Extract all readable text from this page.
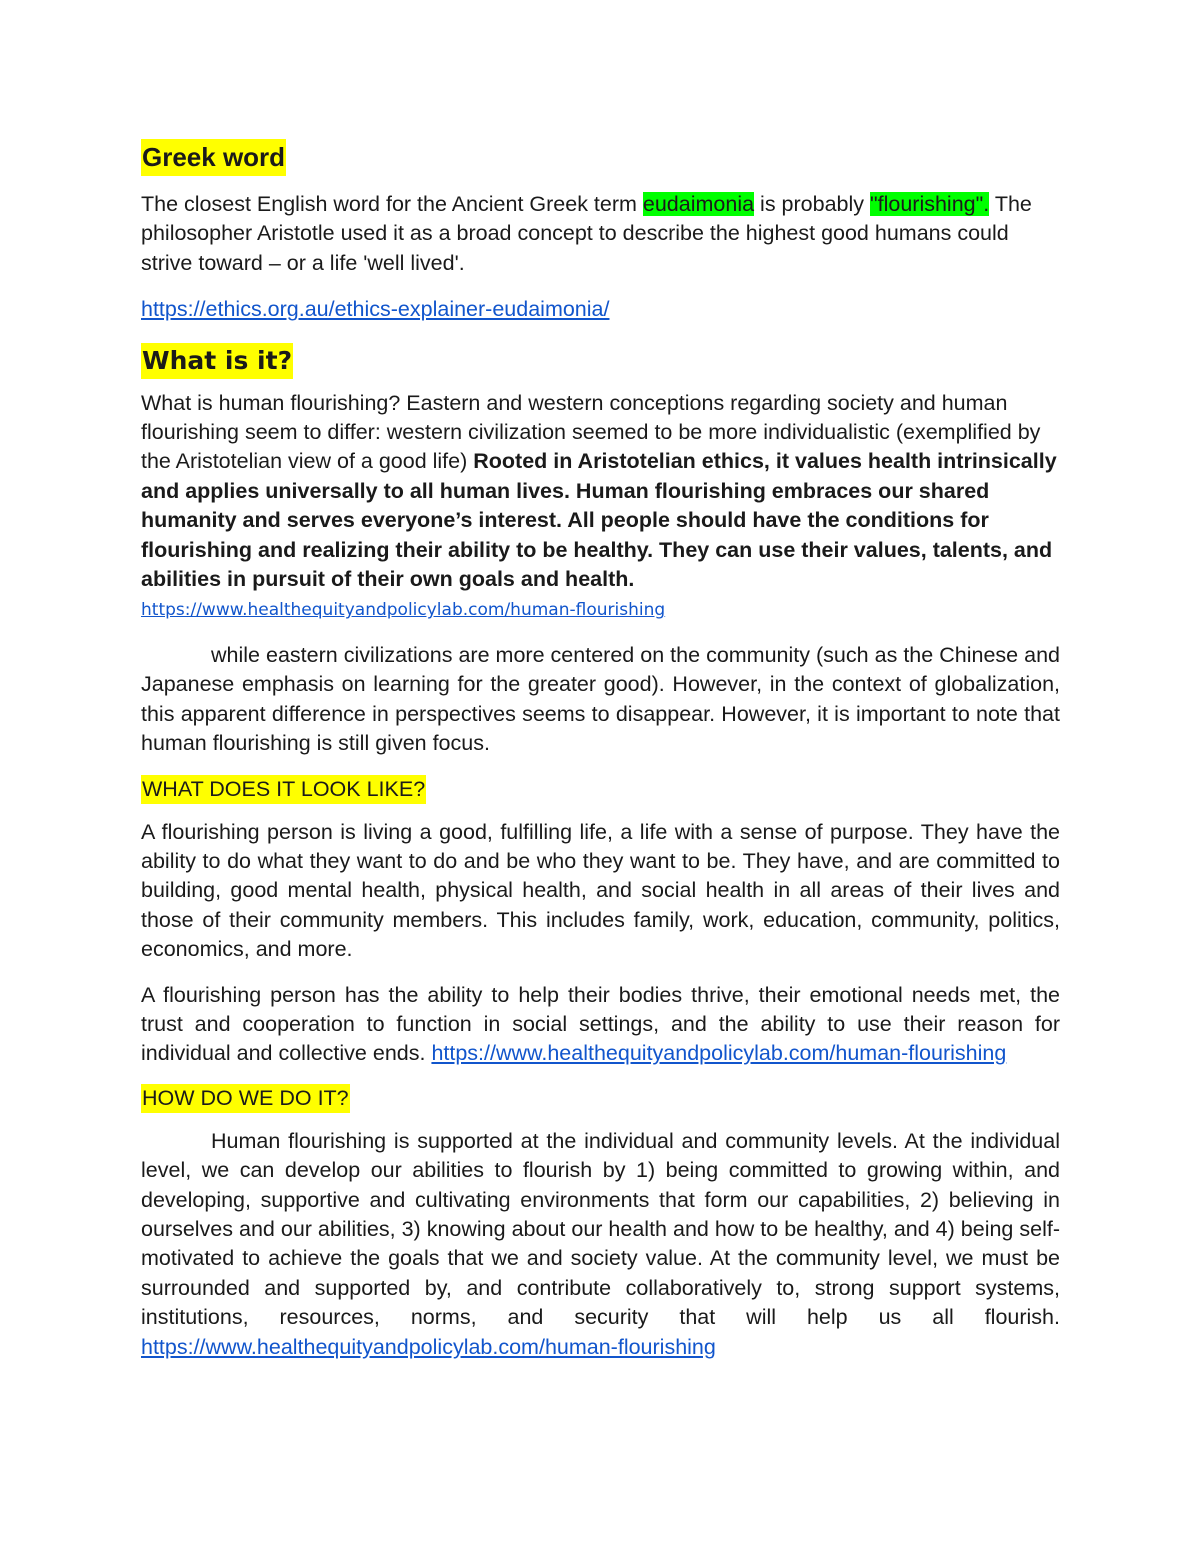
Greek word

The closest English word for the Ancient Greek term eudaimonia is probably "flourishing". The philosopher Aristotle used it as a broad concept to describe the highest good humans could strive toward – or a life 'well lived'.

https://ethics.org.au/ethics-explainer-eudaimonia/

What is it?

What is human flourishing? Eastern and western conceptions regarding society and human flourishing seem to differ: western civilization seemed to be more individualistic (exemplified by the Aristotelian view of a good life) Rooted in Aristotelian ethics, it values health intrinsically and applies universally to all human lives. Human flourishing embraces our shared humanity and serves everyone’s interest. All people should have the conditions for flourishing and realizing their ability to be healthy. They can use their values, talents, and abilities in pursuit of their own goals and health. https://www.healthequityandpolicylab.com/human-flourishing

while eastern civilizations are more centered on the community (such as the Chinese and Japanese emphasis on learning for the greater good). However, in the context of globalization, this apparent difference in perspectives seems to disappear. However, it is important to note that human flourishing is still given focus.

WHAT DOES IT LOOK LIKE?

A flourishing person is living a good, fulfilling life, a life with a sense of purpose. They have the ability to do what they want to do and be who they want to be. They have, and are committed to building, good mental health, physical health, and social health in all areas of their lives and those of their community members. This includes family, work, education, community, politics, economics, and more.

A flourishing person has the ability to help their bodies thrive, their emotional needs met, the trust and cooperation to function in social settings, and the ability to use their reason for individual and collective ends. https://www.healthequityandpolicylab.com/human-flourishing

HOW DO WE DO IT?

Human flourishing is supported at the individual and community levels. At the individual level, we can develop our abilities to flourish by 1) being committed to growing within, and developing, supportive and cultivating environments that form our capabilities, 2) believing in ourselves and our abilities, 3) knowing about our health and how to be healthy, and 4) being self-motivated to achieve the goals that we and society value. At the community level, we must be surrounded and supported by, and contribute collaboratively to, strong support systems, institutions, resources, norms, and security that will help us all flourish. https://www.healthequityandpolicylab.com/human-flourishing
